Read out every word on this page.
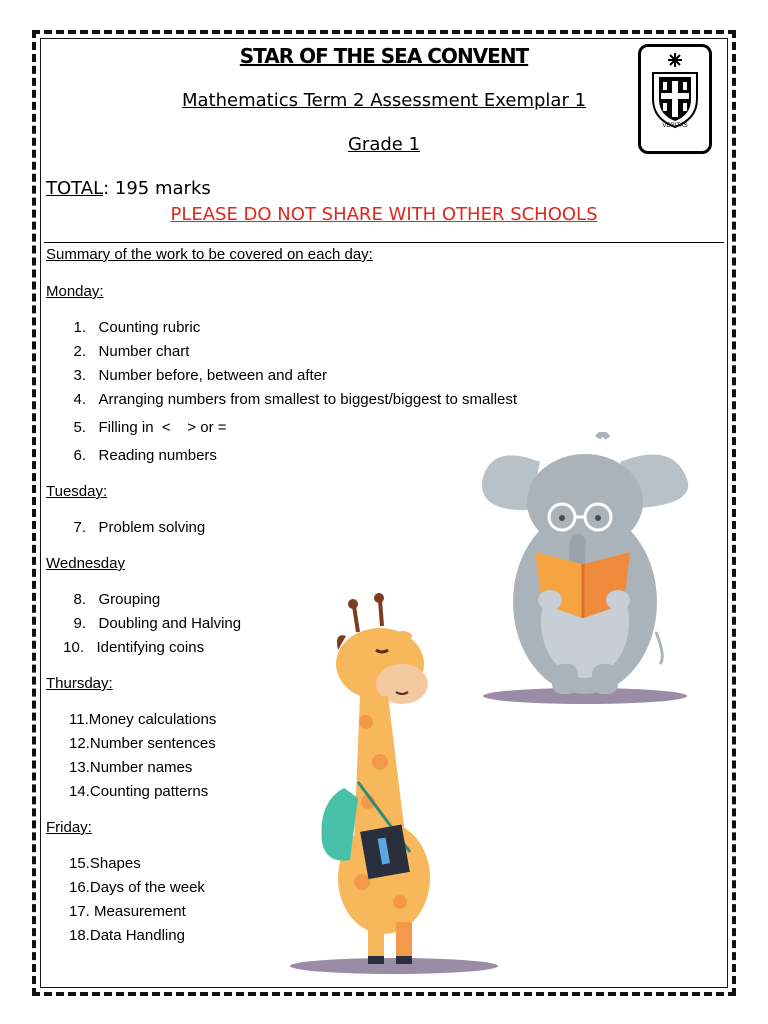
STAR OF THE SEA CONVENT
Mathematics Term 2 Assessment Exemplar 1
Grade 1
TOTAL: 195 marks
PLEASE DO NOT SHARE WITH OTHER SCHOOLS
VERITAS
Summary of the work to be covered on each day:
Monday:
1. Counting rubric
2. Number chart
3. Number before, between and after
4. Arranging numbers from smallest to biggest/biggest to smallest
5. Filling in  <    > or =
6. Reading numbers
Tuesday:
7. Problem solving
Wednesday
8. Grouping
9. Doubling and Halving
10. Identifying coins
Thursday:
11.Money calculations
12.Number sentences
13.Number names
14.Counting patterns
Friday:
15.Shapes
16.Days of the week
17. Measurement
18.Data Handling
